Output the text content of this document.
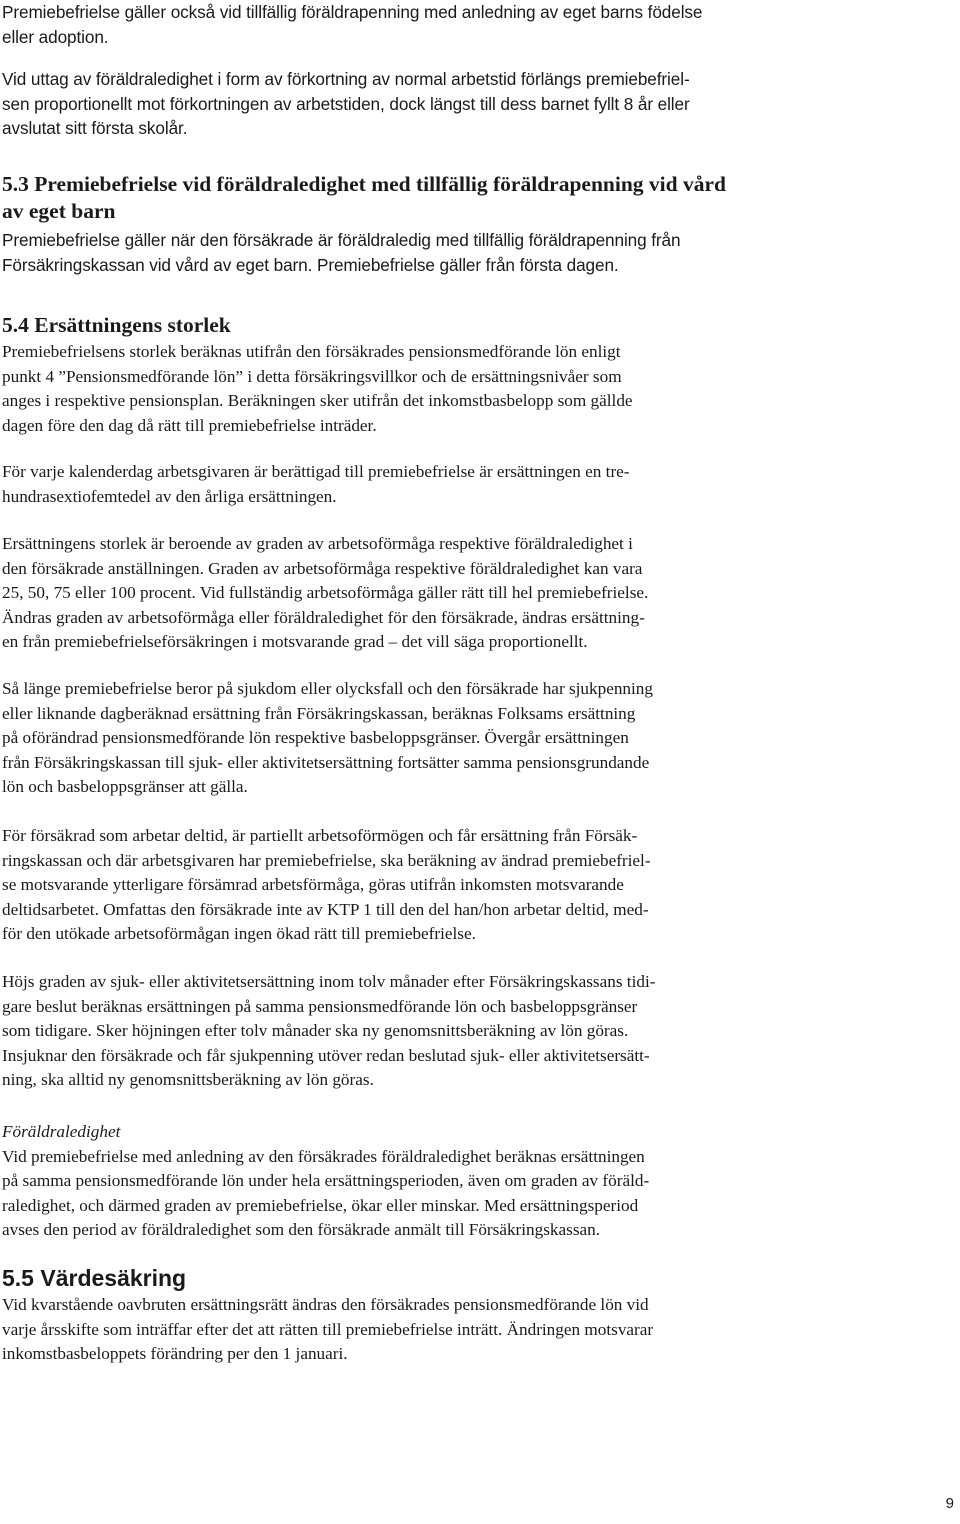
Premiebefrielse gäller också vid tillfällig föräldrapenning med anledning av eget barns födelse
eller adoption.
Vid uttag av föräldraledighet i form av förkortning av normal arbetstid förlängs premiebefriel-
sen proportionellt mot förkortningen av arbetstiden, dock längst till dess barnet fyllt 8 år eller
avslutat sitt första skolår.
5.3 Premiebefrielse vid föräldraledighet med tillfällig föräldrapenning vid vård
av eget barn
Premiebefrielse gäller när den försäkrade är föräldraledig med tillfällig föräldrapenning från
Försäkringskassan vid vård av eget barn. Premiebefrielse gäller från första dagen.
5.4 Ersättningens storlek
Premiebefrielsens storlek beräknas utifrån den försäkrades pensionsmedförande lön enligt
punkt 4 ”Pensionsmedförande lön” i detta försäkringsvillkor och de ersättningsnivåer som
anges i respektive pensionsplan. Beräkningen sker utifrån det inkomstbasbelopp som gällde
dagen före den dag då rätt till premiebefrielse inträder.
För varje kalenderdag arbetsgivaren är berättigad till premiebefrielse är ersättningen en tre-
hundrasextiofemtedel av den årliga ersättningen.
Ersättningens storlek är beroende av graden av arbetsoförmåga respektive föräldraledighet i
den försäkrade anställningen. Graden av arbetsoförmåga respektive föräldraledighet kan vara
25, 50, 75 eller 100 procent. Vid fullständig arbetsoförmåga gäller rätt till hel premiebefrielse.
Ändras graden av arbetsoförmåga eller föräldraledighet för den försäkrade, ändras ersättning-
en från premiebefrielseförsäkringen i motsvarande grad – det vill säga proportionellt.
Så länge premiebefrielse beror på sjukdom eller olycksfall och den försäkrade har sjukpenning
eller liknande dagberäknad ersättning från Försäkringskassan, beräknas Folksams ersättning
på oförändrad pensionsmedförande lön respektive basbeloppsgränser. Övergår ersättningen
från Försäkringskassan till sjuk- eller aktivitetsersättning fortsätter samma pensionsgrundande
lön och basbeloppsgränser att gälla.
För försäkrad som arbetar deltid, är partiellt arbetsoförmögen och får ersättning från Försäk-
ringskassan och där arbetsgivaren har premiebefrielse, ska beräkning av ändrad premiebefriel-
se motsvarande ytterligare försämrad arbetsförmåga, göras utifrån inkomsten motsvarande
deltidsarbetet. Omfattas den försäkrade inte av KTP 1 till den del han/hon arbetar deltid, med-
för den utökade arbetsoförmågan ingen ökad rätt till premiebefrielse.
Höjs graden av sjuk- eller aktivitetsersättning inom tolv månader efter Försäkringskassans tidi-
gare beslut beräknas ersättningen på samma pensionsmedförande lön och basbeloppsgränser
som tidigare. Sker höjningen efter tolv månader ska ny genomsnittsberäkning av lön göras.
Insjuknar den försäkrade och får sjukpenning utöver redan beslutad sjuk- eller aktivitetsersätt-
ning, ska alltid ny genomsnittsberäkning av lön göras.
Föräldraledighet
Vid premiebefrielse med anledning av den försäkrades föräldraledighet beräknas ersättningen
på samma pensionsmedförande lön under hela ersättningsperioden, även om graden av föräld-
raledighet, och därmed graden av premiebefrielse, ökar eller minskar. Med ersättningsperiod
avses den period av föräldraledighet som den försäkrade anmält till Försäkringskassan.
5.5 Värdesäkring
Vid kvarstående oavbruten ersättningsrätt ändras den försäkrades pensionsmedförande lön vid
varje årsskifte som inträffar efter det att rätten till premiebefrielse inträtt. Ändringen motsvarar
inkomstbasbeloppets förändring per den 1 januari.
9
